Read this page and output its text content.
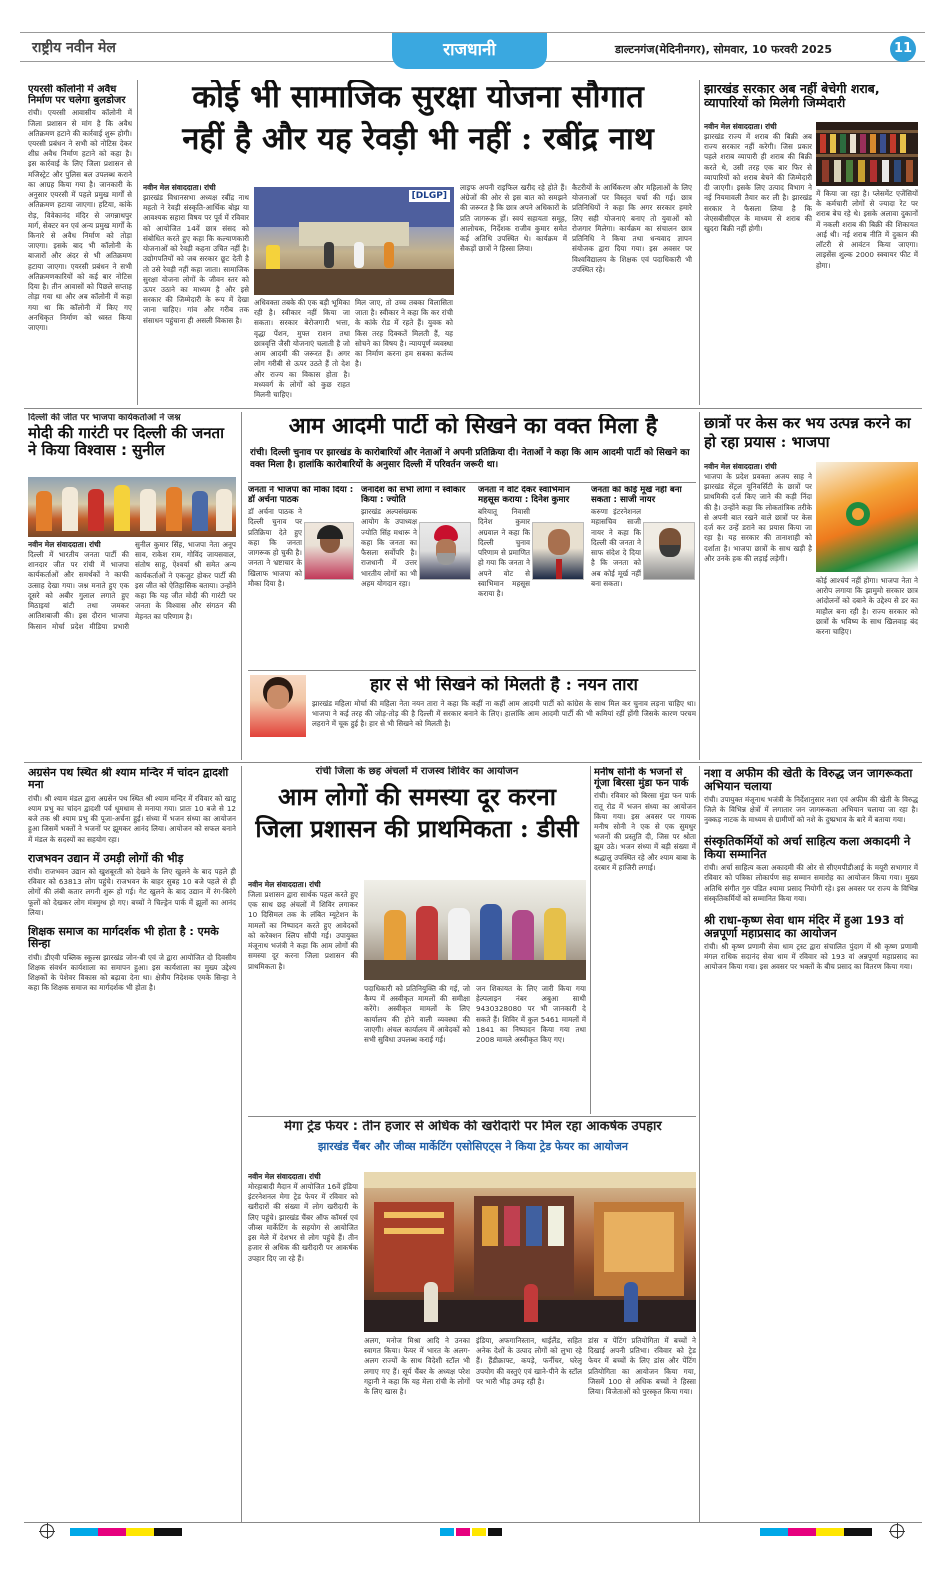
राष्ट्रीय नवीन मेल	राजधानी	डाल्टनगंज(मेदिनीनगर), सोमवार, 10 फरवरी 2025	11
एयरसी कॉलोनी में अवैध निर्माण पर चलेगा बुलडोजर
रांची। एयरसी आवासीय कॉलोनी में जिला प्रशासन से मांग है कि अवैध अतिक्रमण हटाने की कार्रवाई शुरू होगी। एयरसी प्रबंधन ने सभी को नोटिस देकर शीघ्र अवैध निर्माण हटाने को कहा है। इस कार्रवाई के लिए जिला प्रशासन से मजिस्ट्रेट और पुलिस बल उपलब्ध कराने का आग्रह किया गया है। जानकारी के अनुसार एयरसी में पहले प्रमुख मार्गों से अतिक्रमण हटाया जाएगा। हटिया, कांके रोड़, विवेकानंद मंदिर से जगन्नाथपुर मार्ग, सेक्टर वन एवं अन्य प्रमुख मार्गों के किनारे से अवैध निर्माण को तोड़ा जाएगा। इसके बाद भी कॉलोनी के बाजारों और अंदर से भी अतिक्रमण हटाया जाएगा। एयरसी प्रबंधन ने सभी अतिक्रमणकारियों को कई बार नोटिस दिया है। तीन आवासों को पिछले सप्ताह तोड़ा गया था और अब कॉलोनी में कहा गया था कि कॉलोनी में किए गए अनधिकृत निर्माण को ध्वस्त किया जाएगा।
कोई भी सामाजिक सुरक्षा योजना सौगात
नहीं है और यह रेवड़ी भी नहीं : रबींद्र नाथ
[DLGP]
नवीन मेल संवाददाता। रांची
झारखंड विधानसभा अध्यक्ष रबींद्र नाथ महतो ने रेवड़ी संस्कृति-आर्थिक बोझ या आवश्यक सहारा विषय पर पूर्व में रविवार को आयोजित 14वें छात्र संसद को संबोधित करते हुए कहा कि कल्याणकारी योजनाओं को रेवड़ी कहना उचित नहीं है। उद्योगपतियों को जब सरकार छूट देती है तो उसे रेवड़ी नहीं कहा जाता। सामाजिक सुरक्षा योजना लोगों के जीवन स्तर को ऊपर उठाने का माध्यम है और इसे सरकार की जिम्मेदारी के रूप में देखा जाना चाहिए। गांव और गरीब तक संसाधन पहुंचाना ही असली विकास है।
अधिवक्ता तबके की एक बड़ी भूमिका रही है। स्वीकार नहीं किया जा सकता। सरकार बेरोजगारी भत्ता, वृद्धा पेंशन, मुफ्त राशन तथा छात्रवृत्ति जैसी योजनाएं चलाती है जो आम आदमी की जरूरत हैं। अगर लोग गरीबी से ऊपर उठते हैं तो देश और राज्य का विकास होता है। मध्यवर्ग के लोगों को कुछ राहत मिलनी चाहिए।
मिल जाए, तो उच्च तबका विलासिता जाता है। स्वीकार ने कहा कि कर रांची के कांके रोड में रहते हैं। युवक को किस तरह दिक्कतें मिलती हैं, यह सोचने का विषय है। न्यायपूर्ण व्यवस्था का निर्माण करना हम सबका कर्तव्य है।
लाइफ अपनी राइफिल खरीद रहे होते हैं। अंग्रेजों की ओर से इस बात को समझने की जरूरत है कि छात्र अपने अधिकारों के प्रति जागरूक हों। स्वयं सहायता समूह, आलोचक, निर्देशक राजीव कुमार समेत कई अतिथि उपस्थित थे। कार्यक्रम में सैकड़ों छात्रों ने हिस्सा लिया।
कैटरीयों के आर्थिकरण और महिलाओं के लिए योजनाओं पर विस्तृत चर्चा की गई। छात्र प्रतिनिधियों ने कहा कि अगर सरकार हमारे लिए सही योजनाएं बनाए तो युवाओं को रोजगार मिलेगा। कार्यक्रम का संचालन छात्र प्रतिनिधि ने किया तथा धन्यवाद ज्ञापन संयोजक द्वारा दिया गया। इस अवसर पर विश्वविद्यालय के शिक्षक एवं पदाधिकारी भी उपस्थित रहे।
झारखंड सरकार अब नहीं बेचेगी शराब, व्यापारियों को मिलेगी जिम्मेदारी
नवीन मेल संवाददाता। रांची
झारखंड राज्य में शराब की बिक्री अब राज्य सरकार नहीं करेगी। जिस प्रकार पहले शराब व्यापारी ही शराब की बिक्री करते थे, उसी तरह एक बार फिर से व्यापारियों को शराब बेचने की जिम्मेदारी दी जाएगी। इसके लिए उत्पाद विभाग ने नई नियमावली तैयार कर ली है। झारखंड सरकार ने फैसला लिया है कि जेएसबीसीएल के माध्यम से शराब की खुदरा बिक्री नहीं होगी।
में किया जा रहा है। प्लेसमेंट एजेंसियों के कर्मचारी लोगों से ज्यादा रेट पर शराब बेच रहे थे। इसके अलावा दुकानों में नकली शराब की बिक्री की शिकायत आई थी। नई शराब नीति में दुकान की लॉटरी से आवंटन किया जाएगा। लाइसेंस शुल्क 2000 स्क्वायर फीट में होगा।
दिल्ली की जीत पर भाजपा कार्यकर्ताओं ने जश्न
मोदी की गारंटी पर दिल्ली की जनता ने किया विश्वास : सुनील
नवीन मेल संवाददाता। रांची
दिल्ली में भारतीय जनता पार्टी की शानदार जीत पर रांची में भाजपा कार्यकर्ताओं और समर्थकों ने काफी उत्साह देखा गया। जश्न मनाते हुए एक दूसरे को अबीर गुलाल लगाते हुए मिठाइयां बांटी तथा जमकर आतिशबाजी की। इस दौरान भाजपा किसान मोर्चा प्रदेश मीडिया प्रभारी सुनील कुमार सिंह, भाजपा नेता अनूप साव, राकेश राम, गोविंद जायसवाल, संतोष साहू, ऐश्वर्या श्री समेत अन्य कार्यकर्ताओं ने एकजुट होकर पार्टी की इस जीत को ऐतिहासिक बताया। उन्होंने कहा कि यह जीत मोदी की गारंटी पर जनता के विश्वास और संगठन की मेहनत का परिणाम है।
आम आदमी पार्टी को सिखने का वक्त मिला है
रांची। दिल्ली चुनाव पर झारखंड के कारोबारियों और नेताओं ने अपनी प्रतिक्रिया दी। नेताओं ने कहा कि आम आदमी पार्टी को सिखने का वक्त मिला है। हालांकि कारोबारियों के अनुसार दिल्ली में परिवर्तन जरूरी था।
जनता ने भाजपा को मौका दिया : डॉ अर्चना पाठक
डॉ अर्चना पाठक ने दिल्ली चुनाव पर प्रतिक्रिया देते हुए कहा कि जनता जागरूक हो चुकी है। जनता ने भ्रष्टाचार के खिलाफ भाजपा को मौका दिया है।
जनादेश को सभी लोगों ने स्वीकार किया : ज्योति
झारखंड अल्पसंख्यक आयोग के उपाध्यक्ष ज्योति सिंह मथारू ने कहा कि जनता का फैसला सर्वोपरि है। राजधानी में उत्तर भारतीय लोगों का भी अहम योगदान रहा।
जनता ने वोट देकर स्वाभिमान महसूस कराया : दिनेश कुमार
बरियातू निवासी दिनेश कुमार अग्रवाल ने कहा कि दिल्ली चुनाव परिणाम से प्रमाणित हो गया कि जनता ने अपने वोट से स्वाभिमान महसूस कराया है।
जनता को कोई मूर्ख नहीं बना सकता : साजी नायर
करुणा इंटरनेशनल महासचिव साजी नायर ने कहा कि दिल्ली की जनता ने साफ संदेश दे दिया है कि जनता को अब कोई मूर्ख नहीं बना सकता।
हार से भी सिखने को मिलती है : नयन तारा
झारखंड महिला मोर्चा की महिला नेता नयन तारा ने कहा कि कहीं ना कहीं आम आदमी पार्टी को कांग्रेस के साथ मिल कर चुनाव लड़ना चाहिए था। भाजपा ने कई तरह की जोड़-तोड़ की है दिल्ली में सरकार बनाने के लिए। हालांकि आम आदमी पार्टी की भी कमियां रहीं होंगी जिसके कारण परचम लहराने में चूक हुई है। हार से भी सिखने को मिलती है।
छात्रों पर केस कर भय उत्पन्न करने का हो रहा प्रयास : भाजपा
नवीन मेल संवाददाता। रांची
भाजपा के प्रदेश प्रवक्ता अजय साह ने झारखंड सेंट्रल यूनिवर्सिटी के छात्रों पर प्राथमिकी दर्ज किए जाने की कड़ी निंदा की है। उन्होंने कहा कि लोकतांत्रिक तरीके से अपनी बात रखने वाले छात्रों पर केस दर्ज कर उन्हें डराने का प्रयास किया जा रहा है। यह सरकार की तानाशाही को दर्शाता है। भाजपा छात्रों के साथ खड़ी है और उनके हक की लड़ाई लड़ेगी।
कोई आश्चर्य नहीं होगा। भाजपा नेता ने आरोप लगाया कि झामुमो सरकार छात्र आंदोलनों को दबाने के उद्देश्य से डर का माहौल बना रही है। राज्य सरकार को छात्रों के भविष्य के साथ खिलवाड़ बंद करना चाहिए।
अग्रसेन पथ स्थित श्री श्याम मन्दिर में चांदन द्वादशी मना
रांची। श्री श्याम मंडल द्वारा अग्रसेन पथ स्थित श्री श्याम मन्दिर में रविवार को खाटू श्याम प्रभु का चांदन द्वादशी पर्व धूमधाम से मनाया गया। प्रातः 10 बजे से 12 बजे तक श्री श्याम प्रभु की पूजा-अर्चना हुई। संध्या में भजन संध्या का आयोजन हुआ जिसमें भक्तों ने भजनों पर झूमकर आनंद लिया। आयोजन को सफल बनाने में मंडल के सदस्यों का सहयोग रहा।
राजभवन उद्यान में उमड़ी लोगों की भीड़
रांची। राजभवन उद्यान को खुशबूरती को देखने के लिए खुलने के बाद पहले ही रविवार को 63813 लोग पहुंचे। राजभवन के बाहर सुबह 10 बजे पहले से ही लोगों की लंबी कतार लगनी शुरू हो गई। गेट खुलने के बाद उद्यान में रंग-बिरंगे फूलों को देखकर लोग मंत्रमुग्ध हो गए। बच्चों ने चिल्ड्रेन पार्क में झूलों का आनंद लिया।
शिक्षक समाज का मार्गदर्शक भी होता है : एमके सिन्हा
रांची। डीएवी पब्लिक स्कूल्स झारखंड जोन-बी एवं जे द्वारा आयोजित दो दिवसीय शिक्षक संवर्धन कार्यशाला का समापन हुआ। इस कार्यशाला का मुख्य उद्देश्य शिक्षकों के पेशेवर विकास को बढ़ावा देना था। क्षेत्रीय निदेशक एमके सिन्हा ने कहा कि शिक्षक समाज का मार्गदर्शक भी होता है।
रांची जिला के छह अंचलों में राजस्व शिविर का आयोजन
आम लोगों की समस्या दूर करना
जिला प्रशासन की प्राथमिकता : डीसी
नवीन मेल संवाददाता। रांची
जिला प्रशासन द्वारा सार्थक पहल करते हुए एक साथ छह अंचलों में शिविर लगाकर 10 दिसिमल तक के लंबित म्यूटेशन के मामलों का निष्पादन करते हुए आवेदकों को करेक्शन स्लिप सौंपी गई। उपायुक्त मंजूनाथ भजंत्री ने कहा कि आम लोगों की समस्या दूर करना जिला प्रशासन की प्राथमिकता है।
पदाधिकारी को प्रतिनियुक्ति की गई, जो कैम्प में अस्वीकृत मामलों की समीक्षा करेंगे। अस्वीकृत मामलों के लिए कार्यालय की होने वाली व्यवस्था की जाएगी। अंचल कार्यालय में आवेदकों को सभी सुविधा उपलब्ध कराई गई।
जन शिकायत के लिए जारी किया गया हेल्पलाइन नंबर अबुआ साथी 9430328080 पर भी जानकारी दे सकते हैं। शिविर में कुल 5461 मामलों में 1841 का निष्पादन किया गया तथा 2008 मामले अस्वीकृत किए गए।
मनीष सोनी के भजनों से गूंजा बिरसा मुंडा फन पार्क
रांची। रविवार को बिरसा मुंडा फन पार्क रातू रोड में भजन संध्या का आयोजन किया गया। इस अवसर पर गायक मनीष सोनी ने एक से एक सुमधुर भजनों की प्रस्तुति दी, जिस पर श्रोता झूम उठे। भजन संध्या में बड़ी संख्या में श्रद्धालु उपस्थित रहे और श्याम बाबा के दरबार में हाजिरी लगाई।
नशा व अफीम की खेती के विरुद्ध जन जागरूकता अभियान चलाया
रांची। उपायुक्त मंजूनाथ भजंत्री के निर्देशानुसार नशा एवं अफीम की खेती के विरुद्ध जिले के विभिन्न क्षेत्रों में लगातार जन जागरूकता अभियान चलाया जा रहा है। नुक्कड़ नाटक के माध्यम से ग्रामीणों को नशे के दुष्प्रभाव के बारे में बताया गया।
संस्कृतिकर्मियों को अर्चा साहित्य कला अकादमी ने किया सम्मानित
रांची। अर्चा साहित्य कला अकादमी की ओर से सीएमपीडीआई के मयूरी सभागार में रविवार को पत्रिका लोकार्पण सह सम्मान समारोह का आयोजन किया गया। मुख्य अतिथि संगीत गुरु पंडित श्यामा प्रसाद नियोगी रहे। इस अवसर पर राज्य के विभिन्न संस्कृतिकर्मियों को सम्मानित किया गया।
श्री राधा-कृष्ण सेवा धाम मंदिर में हुआ 193 वां अन्नपूर्णा महाप्रसाद का आयोजन
रांची। श्री कृष्ण प्रणामी सेवा धाम ट्रस्ट द्वारा संचालित पुंदाग में श्री कृष्ण प्रणामी मंगल राधिक सदानंद सेवा धाम में रविवार को 193 वां अन्नपूर्णा महाप्रसाद का आयोजन किया गया। इस अवसर पर भक्तों के बीच प्रसाद का वितरण किया गया।
मेगा ट्रेड फेयर : तीन हजार से अधिक की खरीदारी पर मिल रहा आकर्षक उपहार
झारखंड चैंबर और जीव्स मार्केटिंग एसोसिएट्स ने किया ट्रेड फेयर का आयोजन
नवीन मेल संवाददाता। रांची
मोरहाबादी मैदान में आयोजित 16वें इंडिया इंटरनेशनल मेगा ट्रेड फेयर में रविवार को खरीदारों की संख्या में लोग खरीदारी के लिए पहुंचे। झारखंड चैंबर ऑफ कॉमर्स एवं जीव्स मार्केटिंग के सहयोग से आयोजित इस मेले में देशभर से लोग पहुंचे हैं। तीन हजार से अधिक की खरीदारी पर आकर्षक उपहार दिए जा रहे हैं।
अलग, मनोज मिश्रा आदि ने उनका स्वागत किया। फेयर में भारत के अलग-अलग राज्यों के साथ विदेशी स्टॉल भी लगाए गए हैं। सूर्य चैंबर के अध्यक्ष परेश गट्टानी ने कहा कि यह मेला रांची के लोगों के लिए खास है।
इंडिया, अफगानिस्तान, थाईलैंड, सहित अनेक देशों के उत्पाद लोगों को लुभा रहे हैं। हैंडीक्राफ्ट, कपड़े, फर्नीचर, घरेलू उपयोग की वस्तुएं एवं खाने-पीने के स्टॉल पर भारी भीड़ उमड़ रही है।
डांस व पेंटिंग प्रतियोगिता में बच्चों ने दिखाई अपनी प्रतिभा। रविवार को ट्रेड फेयर में बच्चों के लिए डांस और पेंटिंग प्रतियोगिता का आयोजन किया गया, जिसमें 100 से अधिक बच्चों ने हिस्सा लिया। विजेताओं को पुरस्कृत किया गया।
